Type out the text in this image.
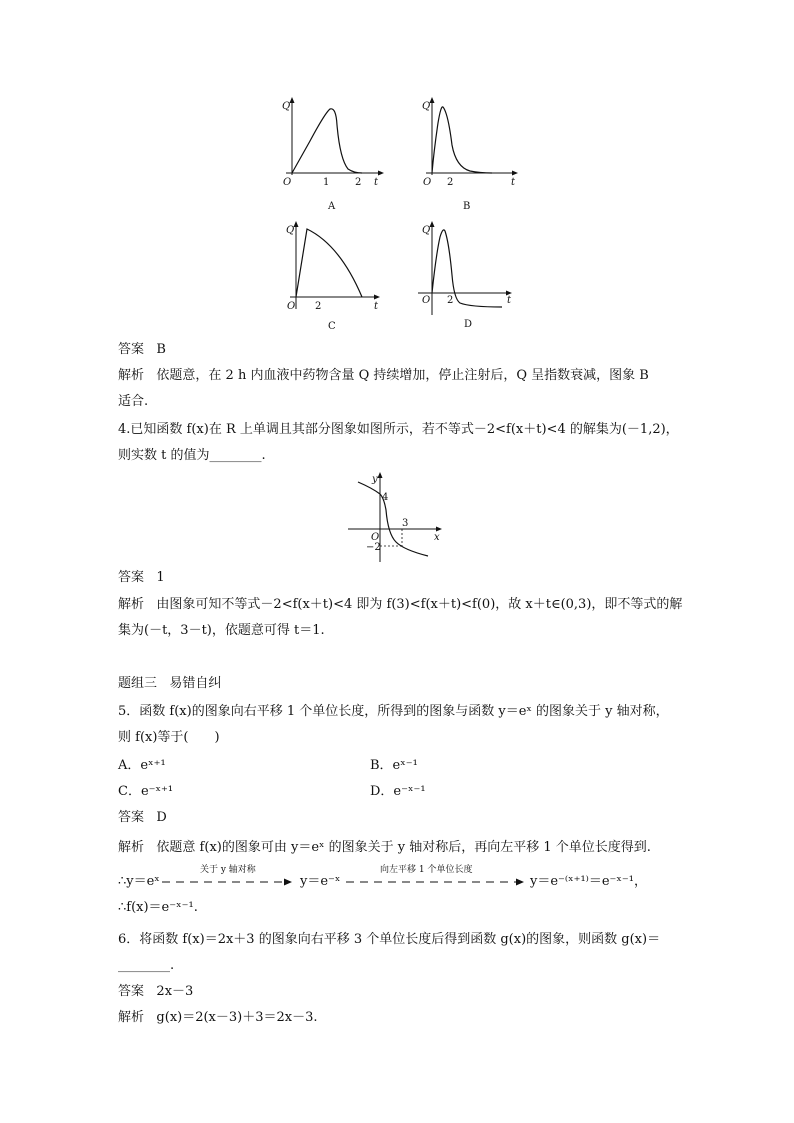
Q
O	1	2 t
A
Q
O 2	t
B
Q
O 2	t
C
Q
O 2	t
D
答案 B
解析 依题意，在 2 h 内血液中药物含量 Q 持续增加，停止注射后，Q 呈指数衰减，图象 B
适合.
4.已知函数 f(x)在 R 上单调且其部分图象如图所示，若不等式－2<f(x＋t)<4 的解集为(－1,2)，
则实数 t 的值为________.
y
4
3
O
−2
x
答案 1
解析 由图象可知不等式－2<f(x＋t)<4 即为 f(3)<f(x＋t)<f(0)，故 x＋t∈(0,3)，即不等式的解
集为(－t，3－t)，依题意可得 t＝1.
题组三 易错自纠
5．函数 f(x)的图象向右平移 1 个单位长度，所得到的图象与函数 y＝eˣ 的图象关于 y 轴对称，
则 f(x)等于(　　)
A．eˣ⁺¹	B．eˣ⁻¹
C．e⁻ˣ⁺¹	D．e⁻ˣ⁻¹
答案 D
解析 依题意 f(x)的图象可由 y＝eˣ 的图象关于 y 轴对称后，再向左平移 1 个单位长度得到.
∴y＝eˣ
关于 y 轴对称
y＝e⁻ˣ
向左平移 1 个单位长度
y＝e⁻⁽ˣ⁺¹⁾＝e⁻ˣ⁻¹，
∴f(x)＝e⁻ˣ⁻¹.
6．将函数 f(x)＝2x＋3 的图象向右平移 3 个单位长度后得到函数 g(x)的图象，则函数 g(x)＝
________.
答案 2x－3
解析 g(x)＝2(x－3)＋3＝2x－3.
